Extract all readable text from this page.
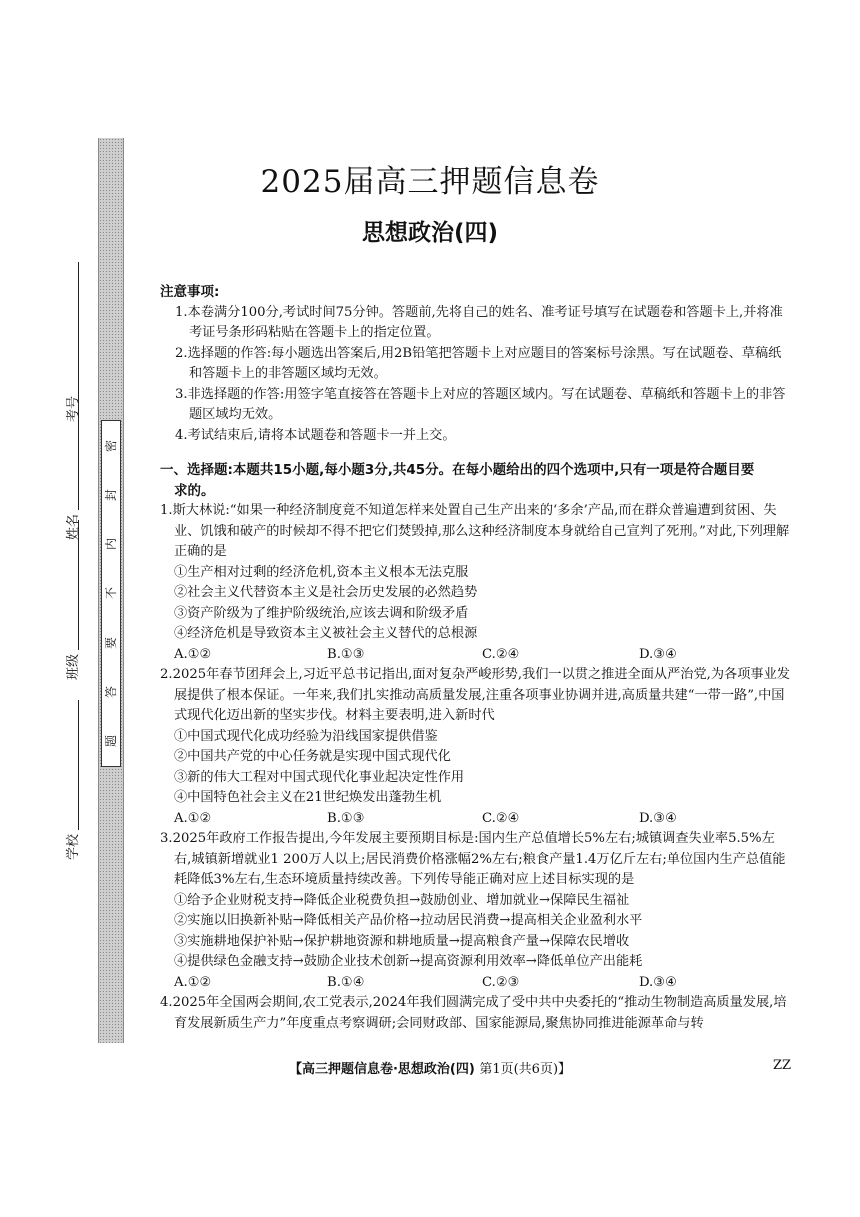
密
封
内
不
要
答
题
学校
班级
姓名
考号
2025届高三押题信息卷
思想政治(四)
注意事项:

1.本卷满分100分,考试时间75分钟。答题前,先将自己的姓名、准考证号填写在试题卷和答题卡上,并将准考证号条形码粘贴在答题卡上的指定位置。

2.选择题的作答:每小题选出答案后,用2B铅笔把答题卡上对应题目的答案标号涂黑。写在试题卷、草稿纸和答题卡上的非答题区域均无效。

3.非选择题的作答:用签字笔直接答在答题卡上对应的答题区域内。写在试题卷、草稿纸和答题卡上的非答题区域均无效。

4.考试结束后,请将本试题卷和答题卡一并上交。

一、选择题:本题共15小题,每小题3分,共45分。在每小题给出的四个选项中,只有一项是符合题目要
求的。

1.斯大林说:“如果一种经济制度竟不知道怎样来处置自己生产出来的‘多余’产品,而在群众普遍遭到贫困、失业、饥饿和破产的时候却不得不把它们焚毁掉,那么这种经济制度本身就给自己宣判了死刑。”对此,下列理解正确的是

①生产相对过剩的经济危机,资本主义根本无法克服

②社会主义代替资本主义是社会历史发展的必然趋势

③资产阶级为了维护阶级统治,应该去调和阶级矛盾

④经济危机是导致资本主义被社会主义替代的总根源

A.①②	B.①③	C.②④	D.③④

2.2025年春节团拜会上,习近平总书记指出,面对复杂严峻形势,我们一以贯之推进全面从严治党,为各项事业发展提供了根本保证。一年来,我们扎实推动高质量发展,注重各项事业协调并进,高质量共建“一带一路”,中国式现代化迈出新的坚实步伐。材料主要表明,进入新时代

①中国式现代化成功经验为沿线国家提供借鉴

②中国共产党的中心任务就是实现中国式现代化

③新的伟大工程对中国式现代化事业起决定性作用

④中国特色社会主义在21世纪焕发出蓬勃生机

A.①②	B.①③	C.②④	D.③④

3.2025年政府工作报告提出,今年发展主要预期目标是:国内生产总值增长5%左右;城镇调查失业率5.5%左右,城镇新增就业1 200万人以上;居民消费价格涨幅2%左右;粮食产量1.4万亿斤左右;单位国内生产总值能耗降低3%左右,生态环境质量持续改善。下列传导能正确对应上述目标实现的是

①给予企业财税支持→降低企业税费负担→鼓励创业、增加就业→保障民生福祉

②实施以旧换新补贴→降低相关产品价格→拉动居民消费→提高相关企业盈利水平

③实施耕地保护补贴→保护耕地资源和耕地质量→提高粮食产量→保障农民增收

④提供绿色金融支持→鼓励企业技术创新→提高资源利用效率→降低单位产出能耗

A.①②	B.①④	C.②③	D.③④

4.2025年全国两会期间,农工党表示,2024年我们圆满完成了受中共中央委托的“推动生物制造高质量发展,培育发展新质生产力”年度重点考察调研;会同财政部、国家能源局,聚焦协同推进能源革命与转

【高三押题信息卷·思想政治(四) 第1页(共6页)】	ZZ
